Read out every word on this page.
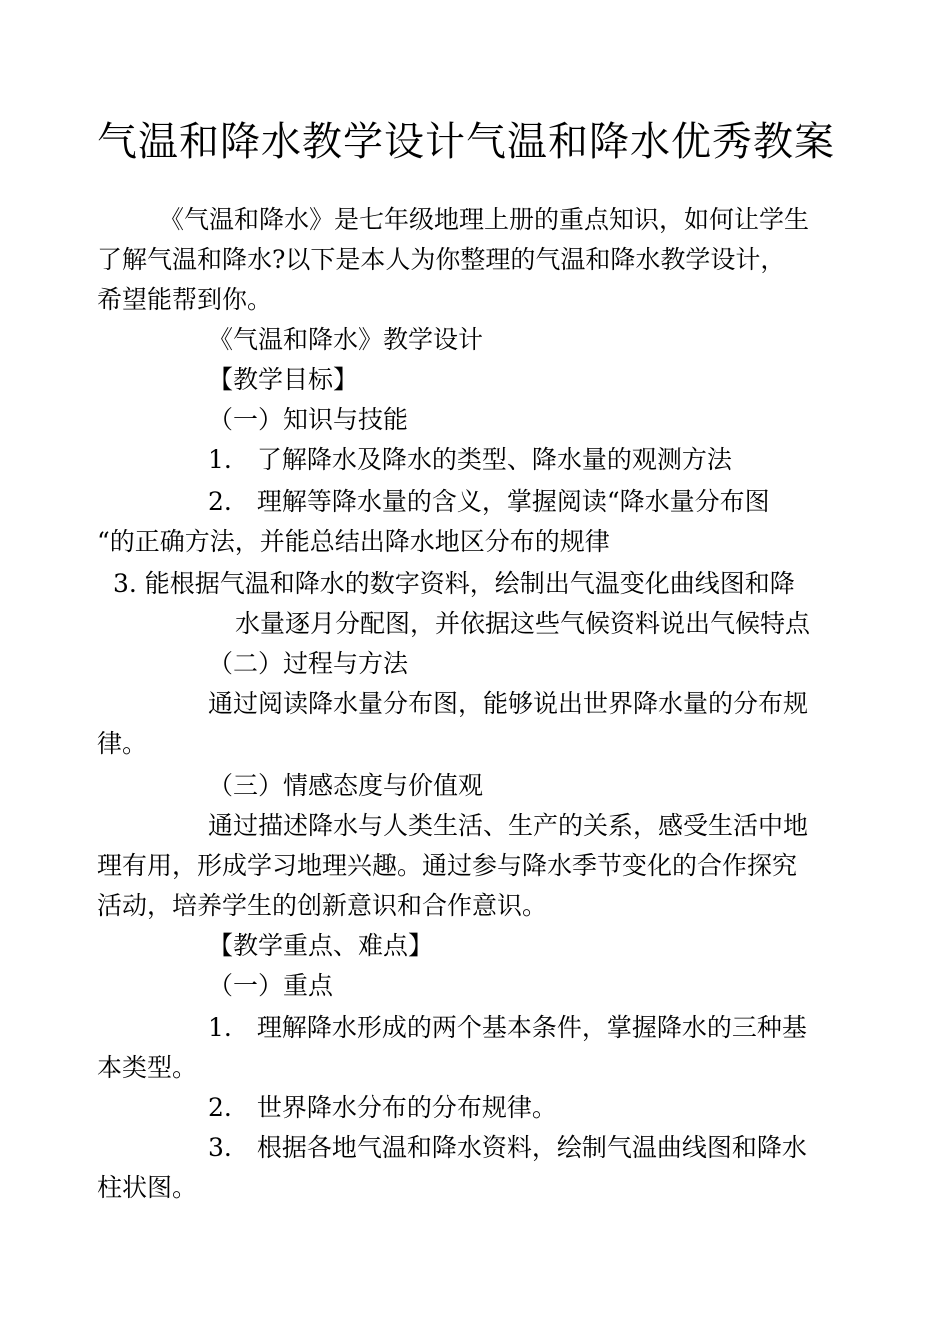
气温和降水教学设计气温和降水优秀教案

《气温和降水》是七年级地理上册的重点知识，如何让学生

了解气温和降水?以下是本人为你整理的气温和降水教学设计，

希望能帮到你。

《气温和降水》教学设计

【教学目标】

（一）知识与技能

1.　了解降水及降水的类型、降水量的观测方法

2.　理解等降水量的含义，掌握阅读“降水量分布图

“的正确方法，并能总结出降水地区分布的规律

3. 能根据气温和降水的数字资料，绘制出气温变化曲线图和降

水量逐月分配图，并依据这些气候资料说出气候特点

（二）过程与方法

通过阅读降水量分布图，能够说出世界降水量的分布规

律。

（三）情感态度与价值观

通过描述降水与人类生活、生产的关系，感受生活中地

理有用，形成学习地理兴趣。通过参与降水季节变化的合作探究

活动，培养学生的创新意识和合作意识。

【教学重点、难点】

（一）重点

1.　理解降水形成的两个基本条件，掌握降水的三种基

本类型。

2.　世界降水分布的分布规律。

3.　根据各地气温和降水资料，绘制气温曲线图和降水

柱状图。
